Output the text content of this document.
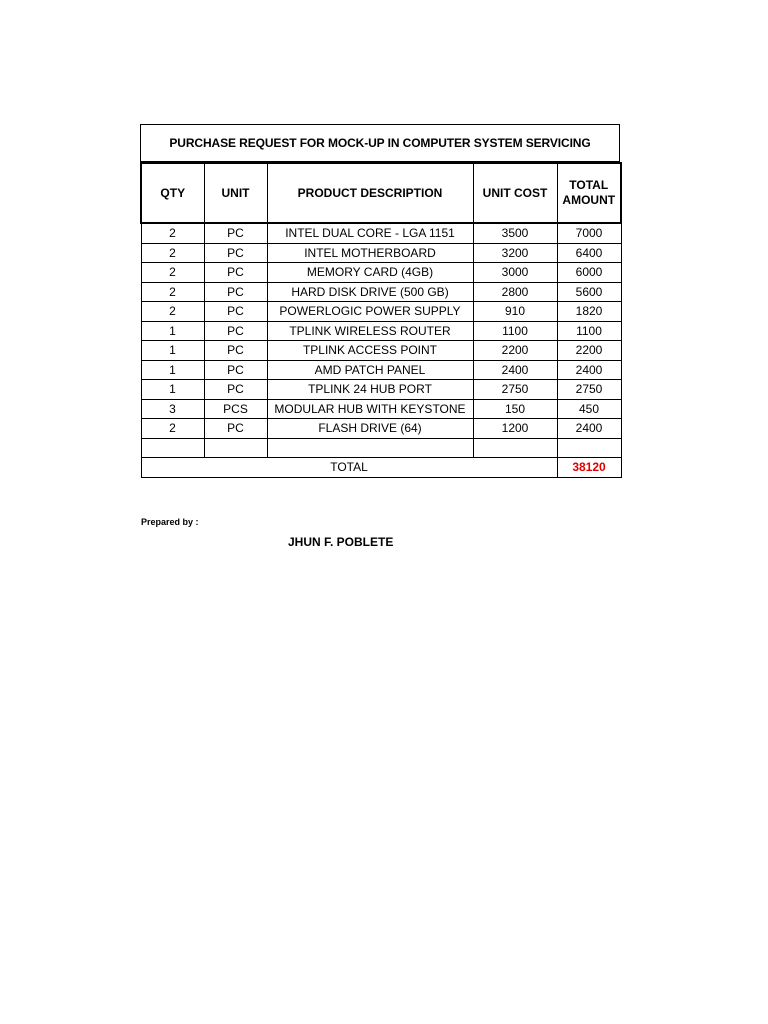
PURCHASE REQUEST FOR MOCK-UP IN COMPUTER SYSTEM SERVICING
QTY	UNIT	PRODUCT DESCRIPTION	UNIT COST	TOTAL AMOUNT
2	PC	INTEL DUAL CORE - LGA 1151	3500	7000
2	PC	INTEL MOTHERBOARD	3200	6400
2	PC	MEMORY CARD (4GB)	3000	6000
2	PC	HARD DISK DRIVE (500 GB)	2800	5600
2	PC	POWERLOGIC POWER SUPPLY	910	1820
1	PC	TPLINK WIRELESS ROUTER	1100	1100
1	PC	TPLINK ACCESS POINT	2200	2200
1	PC	AMD PATCH PANEL	2400	2400
1	PC	TPLINK 24 HUB PORT	2750	2750
3	PCS	MODULAR HUB WITH KEYSTONE	150	450
2	PC	FLASH DRIVE (64)	1200	2400

TOTAL				38120
Prepared by :
JHUN F. POBLETE
